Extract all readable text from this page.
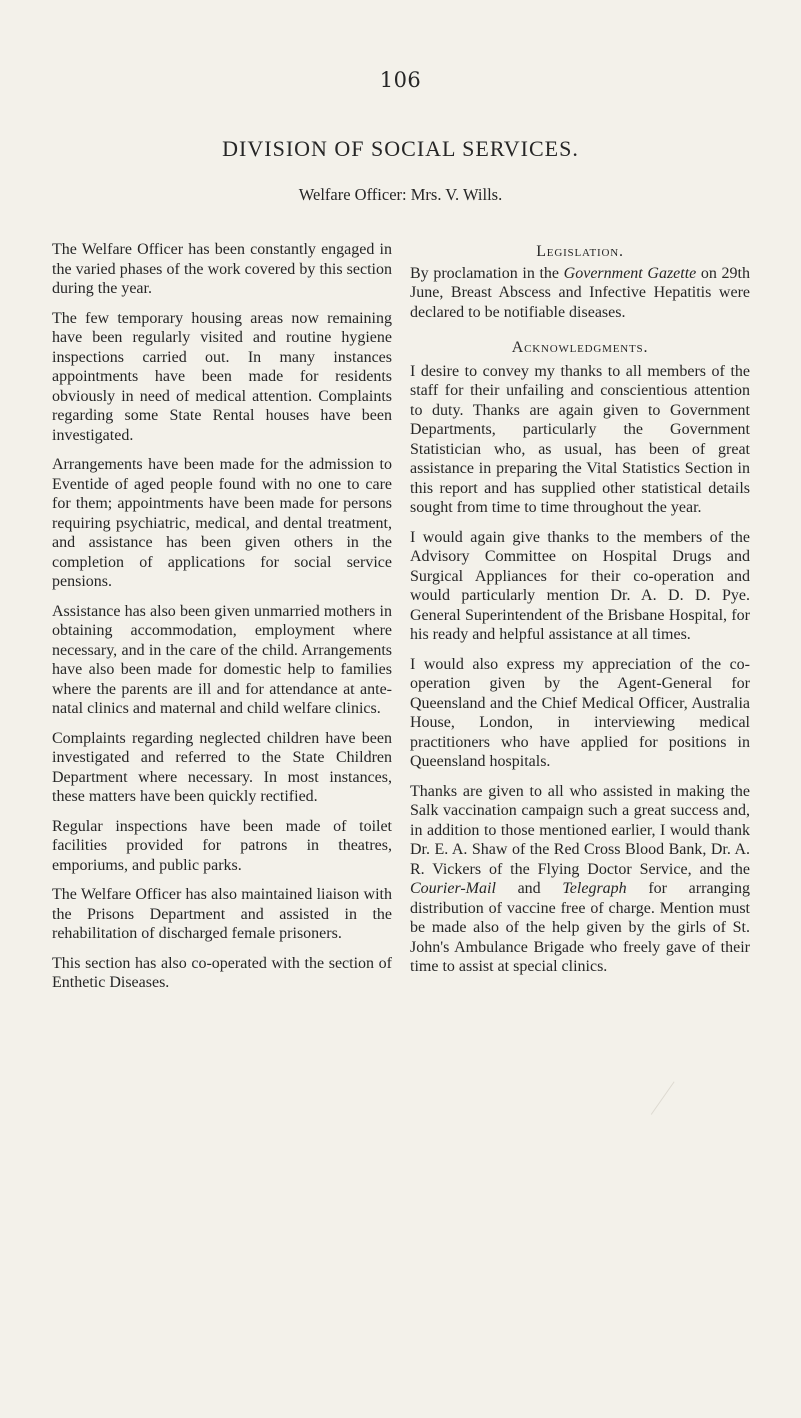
106
DIVISION OF SOCIAL SERVICES.
Welfare Officer: Mrs. V. Wills.

The Welfare Officer has been constantly engaged in the varied phases of the work covered by this section during the year.

The few temporary housing areas now remaining have been regularly visited and routine hygiene inspections carried out. In many instances appointments have been made for residents obviously in need of medical attention. Complaints regarding some State Rental houses have been investigated.

Arrangements have been made for the admission to Eventide of aged people found with no one to care for them; appointments have been made for persons requiring psychiatric, medical, and dental treatment, and assistance has been given others in the completion of applications for social service pensions.

Assistance has also been given unmarried mothers in obtaining accommodation, employment where necessary, and in the care of the child. Arrangements have also been made for domestic help to families where the parents are ill and for attendance at ante-natal clinics and maternal and child welfare clinics.

Complaints regarding neglected children have been investigated and referred to the State Children Department where necessary. In most instances, these matters have been quickly rectified.

Regular inspections have been made of toilet facilities provided for patrons in theatres, emporiums, and public parks.

The Welfare Officer has also maintained liaison with the Prisons Department and assisted in the rehabilitation of discharged female prisoners.

This section has also co-operated with the section of Enthetic Diseases.

Legislation.

By proclamation in the Government Gazette on 29th June, Breast Abscess and Infective Hepatitis were declared to be notifiable diseases.

Acknowledgments.

I desire to convey my thanks to all members of the staff for their unfailing and conscientious attention to duty. Thanks are again given to Government Departments, particularly the Government Statistician who, as usual, has been of great assistance in preparing the Vital Statistics Section in this report and has supplied other statistical details sought from time to time throughout the year.

I would again give thanks to the members of the Advisory Committee on Hospital Drugs and Surgical Appliances for their co-operation and would particularly mention Dr. A. D. D. Pye. General Superintendent of the Brisbane Hospital, for his ready and helpful assistance at all times.

I would also express my appreciation of the co-operation given by the Agent-General for Queensland and the Chief Medical Officer, Australia House, London, in interviewing medical practitioners who have applied for positions in Queensland hospitals.

Thanks are given to all who assisted in making the Salk vaccination campaign such a great success and, in addition to those mentioned earlier, I would thank Dr. E. A. Shaw of the Red Cross Blood Bank, Dr. A. R. Vickers of the Flying Doctor Service, and the Courier-Mail and Telegraph for arranging distribution of vaccine free of charge. Mention must be made also of the help given by the girls of St. John's Ambulance Brigade who freely gave of their time to assist at special clinics.
